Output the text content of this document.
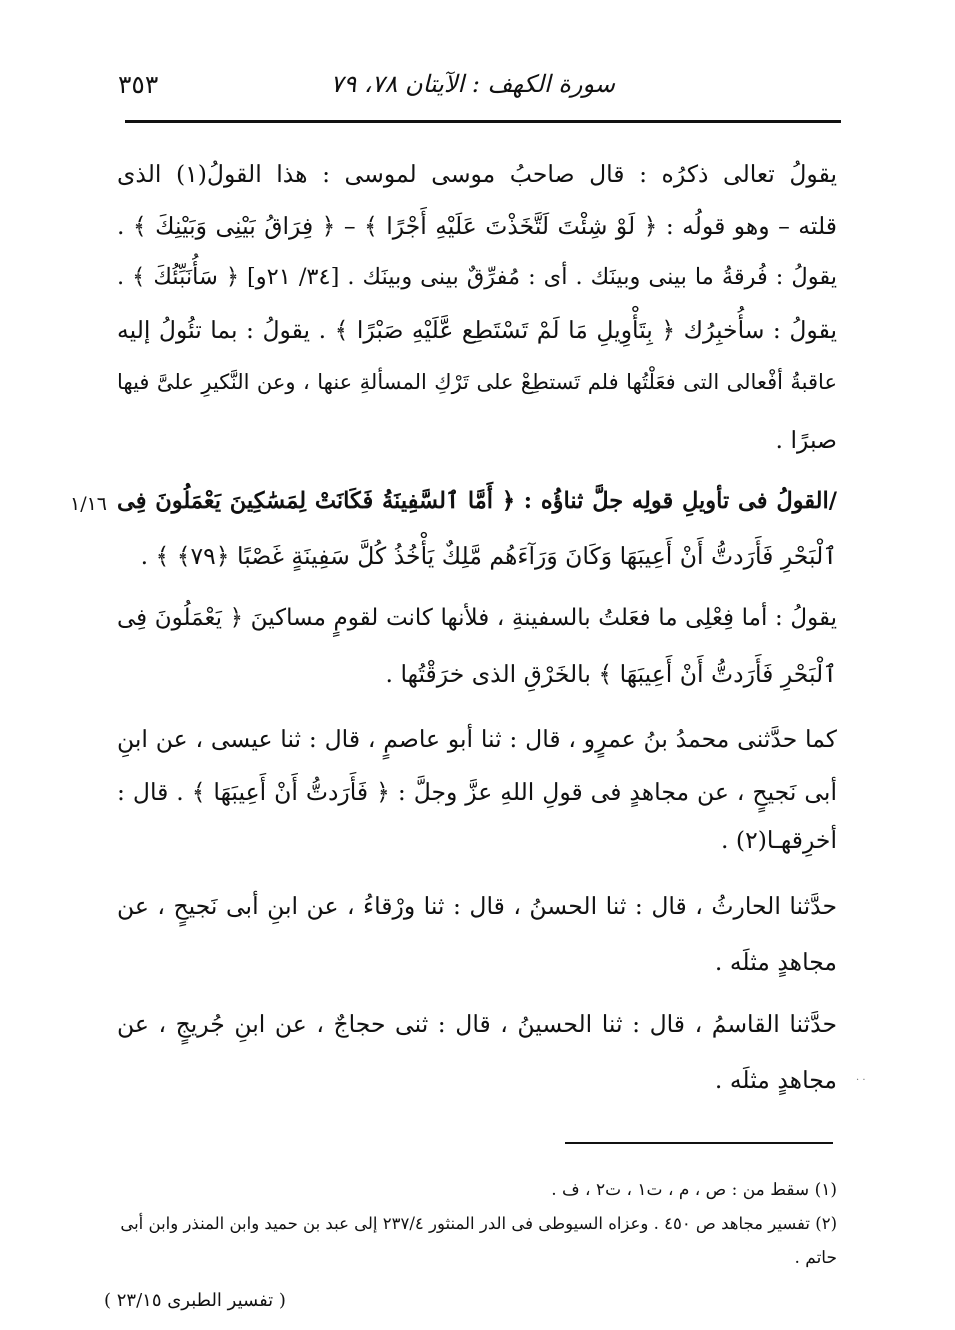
٣٥٣	سورة الكهف : الآيتان ٧٨، ٧٩
١/١٦
يقولُ تعالى ذكرُه : قال صاحبُ موسى لموسى : هذا القولُ(١) الذى
قلته – وهو قولُه : ﴿ لَوْ شِئْتَ لَتَّخَذْتَ عَلَيْهِ أَجْرًا ﴾ – ﴿ فِرَاقُ بَيْنِى وَبَيْنِكَ ﴾ .
يقولُ : فُرقةُ ما بينى وبينَك . أى : مُفرِّقٌ بينى وبينَك . [٣٤/ ٢١و] ﴿ سَأُنَبِّئُكَ ﴾ .
يقولُ : سأُخبِرُك ﴿ بِتَأْوِيلِ مَا لَمْ تَسْتَطِع عَّلَيْهِ صَبْرًا ﴾ . يقولُ : بما تئُولُ إليه
عاقبةُ أفْعالى التى فعَلْتُها فلم تَستطِعْ على تَرْكِ المسألةِ عنها ، وعن النَّكيرِ علىَّ فيها
صبرًا .
/القولُ فى تأويلِ قولِه جلَّ ثناؤُه : ﴿ أَمَّا ٱلسَّفِينَةُ فَكَانَتْ لِمَسَٰكِينَ يَعْمَلُونَ فِى
ٱلْبَحْرِ فَأَرَدتُّ أَنْ أَعِيبَهَا وَكَانَ وَرَآءَهُم مَّلِكٌ يَأْخُذُ كُلَّ سَفِينَةٍ غَصْبًا ﴿٧٩﴾ ﴾ .
يقولُ : أما فِعْلِى ما فعَلتُ بالسفينةِ ، فلأنها كانت لقومٍ مساكينَ ﴿ يَعْمَلُونَ فِى
ٱلْبَحْرِ فَأَرَدتُّ أَنْ أَعِيبَهَا ﴾ بالخَرْقِ الذى خرَقْتُها .
كما حدَّثنى محمدُ بنُ عمرٍو ، قال : ثنا أبو عاصمٍ ، قال : ثنا عيسى ، عن ابنِ
أبى نَجيحٍ ، عن مجاهدٍ فى قولِ اللهِ عزَّ وجلَّ : ﴿ فَأَرَدتُّ أَنْ أَعِيبَهَا ﴾ . قال :
أخرِقهـا(٢) .
حدَّثنا الحارثُ ، قال : ثنا الحسنُ ، قال : ثنا ورْقاءُ ، عن ابنِ أبى نَجيحٍ ، عن
مجاهدٍ مثلَه .
حدَّثنا القاسمُ ، قال : ثنا الحسينُ ، قال : ثنى حجاجٌ ، عن ابنِ جُريجٍ ، عن
مجاهدٍ مثلَه . · ·
(١) سقط من : ص ، م ، ت١ ، ت٢ ، ف .
(٢) تفسير مجاهد ص ٤٥٠ . وعزاه السيوطى فى الدر المنثور ٢٣٧/٤ إلى عبد بن حميد وابن المنذر وابن أبى
حاتم .
( تفسير الطبرى ٢٣/١٥ )
